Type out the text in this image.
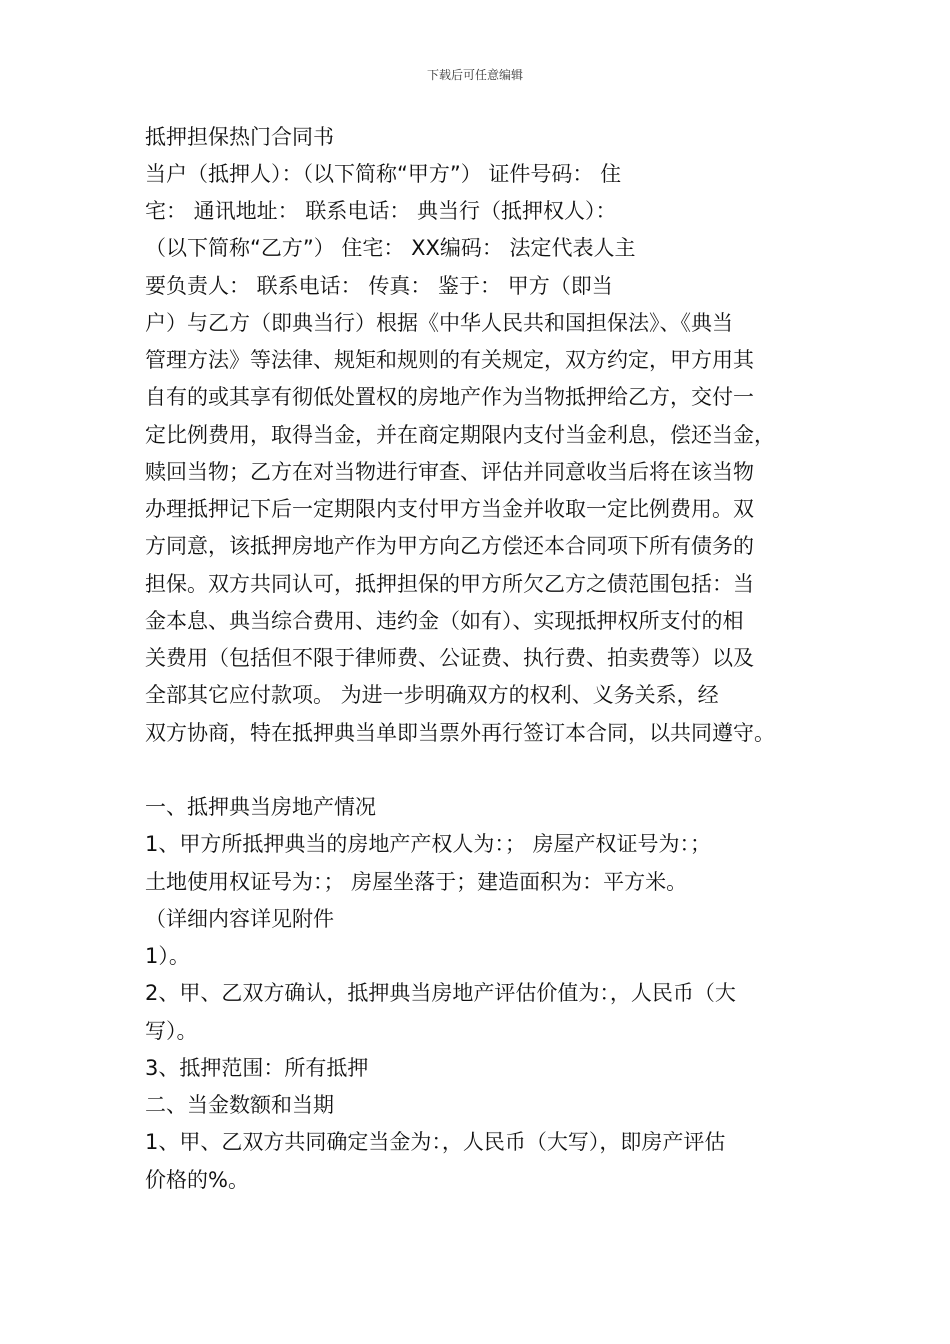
下载后可任意编辑
抵押担保热门合同书
当户（抵押人）：（以下简称“甲方”） 证件号码： 住
宅： 通讯地址： 联系电话： 典当行（抵押权人）：
（以下简称“乙方”） 住宅： XX编码： 法定代表人主
要负责人： 联系电话： 传真： 鉴于： 甲方（即当
户）与乙方（即典当行）根据《中华人民共和国担保法》、《典当
管理方法》等法律、规矩和规则的有关规定，双方约定，甲方用其
自有的或其享有彻低处置权的房地产作为当物抵押给乙方，交付一
定比例费用，取得当金，并在商定期限内支付当金利息，偿还当金，
赎回当物；乙方在对当物进行审查、评估并同意收当后将在该当物
办理抵押记下后一定期限内支付甲方当金并收取一定比例费用。双
方同意，该抵押房地产作为甲方向乙方偿还本合同项下所有债务的
担保。双方共同认可，抵押担保的甲方所欠乙方之债范围包括：当
金本息、典当综合费用、违约金（如有）、实现抵押权所支付的相
关费用（包括但不限于律师费、公证费、执行费、拍卖费等）以及
全部其它应付款项。 为进一步明确双方的权利、义务关系，经
双方协商，特在抵押典当单即当票外再行签订本合同，以共同遵守。
一、抵押典当房地产情况
1、甲方所抵押典当的房地产产权人为：； 房屋产权证号为：；
土地使用权证号为：； 房屋坐落于；建造面积为：平方米。
（详细内容详见附件
1）。
2、甲、乙双方确认，抵押典当房地产评估价值为：，人民币（大
写）。
3、抵押范围：所有抵押
二、当金数额和当期
1、甲、乙双方共同确定当金为：，人民币（大写），即房产评估
价格的%。
